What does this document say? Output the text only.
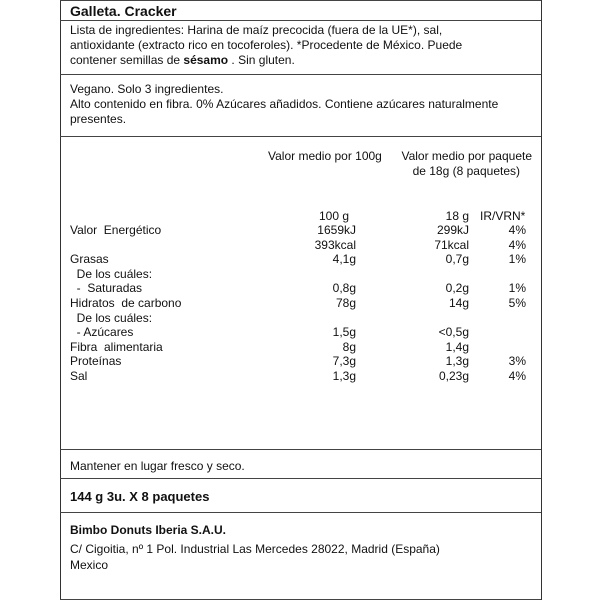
Galleta. Cracker
Lista de ingredientes: Harina de maíz precocida (fuera de la UE*), sal,
antioxidante (extracto rico en tocoferoles). *Procedente de México. Puede
contener semillas de sésamo . Sin gluten.
Vegano. Solo 3 ingredientes.
Alto contenido en fibra. 0% Azúcares añadidos. Contiene azúcares naturalmente
presentes.
Valor medio por 100g Valor medio por paquete
de 18g (8 paquetes)
100 g	18 g IR/VRN*
Valor  Energético	1659kJ	299kJ	4%
393kcal	71kcal	4%
Grasas	4,1g	0,7g	1%
De los cuáles:
-  Saturadas	0,8g	0,2g	1%
Hidratos  de carbono	78g	14g	5%
De los cuáles:
- Azúcares	1,5g	<0,5g
Fibra  alimentaria	8g	1,4g
Proteínas	7,3g	1,3g	3%
Sal	1,3g	0,23g	4%
Mantener en lugar fresco y seco.
144 g 3u. X 8 paquetes
Bimbo Donuts Iberia S.A.U.
C/ Cigoitia, nº 1 Pol. Industrial Las Mercedes 28022, Madrid (España)
Mexico
